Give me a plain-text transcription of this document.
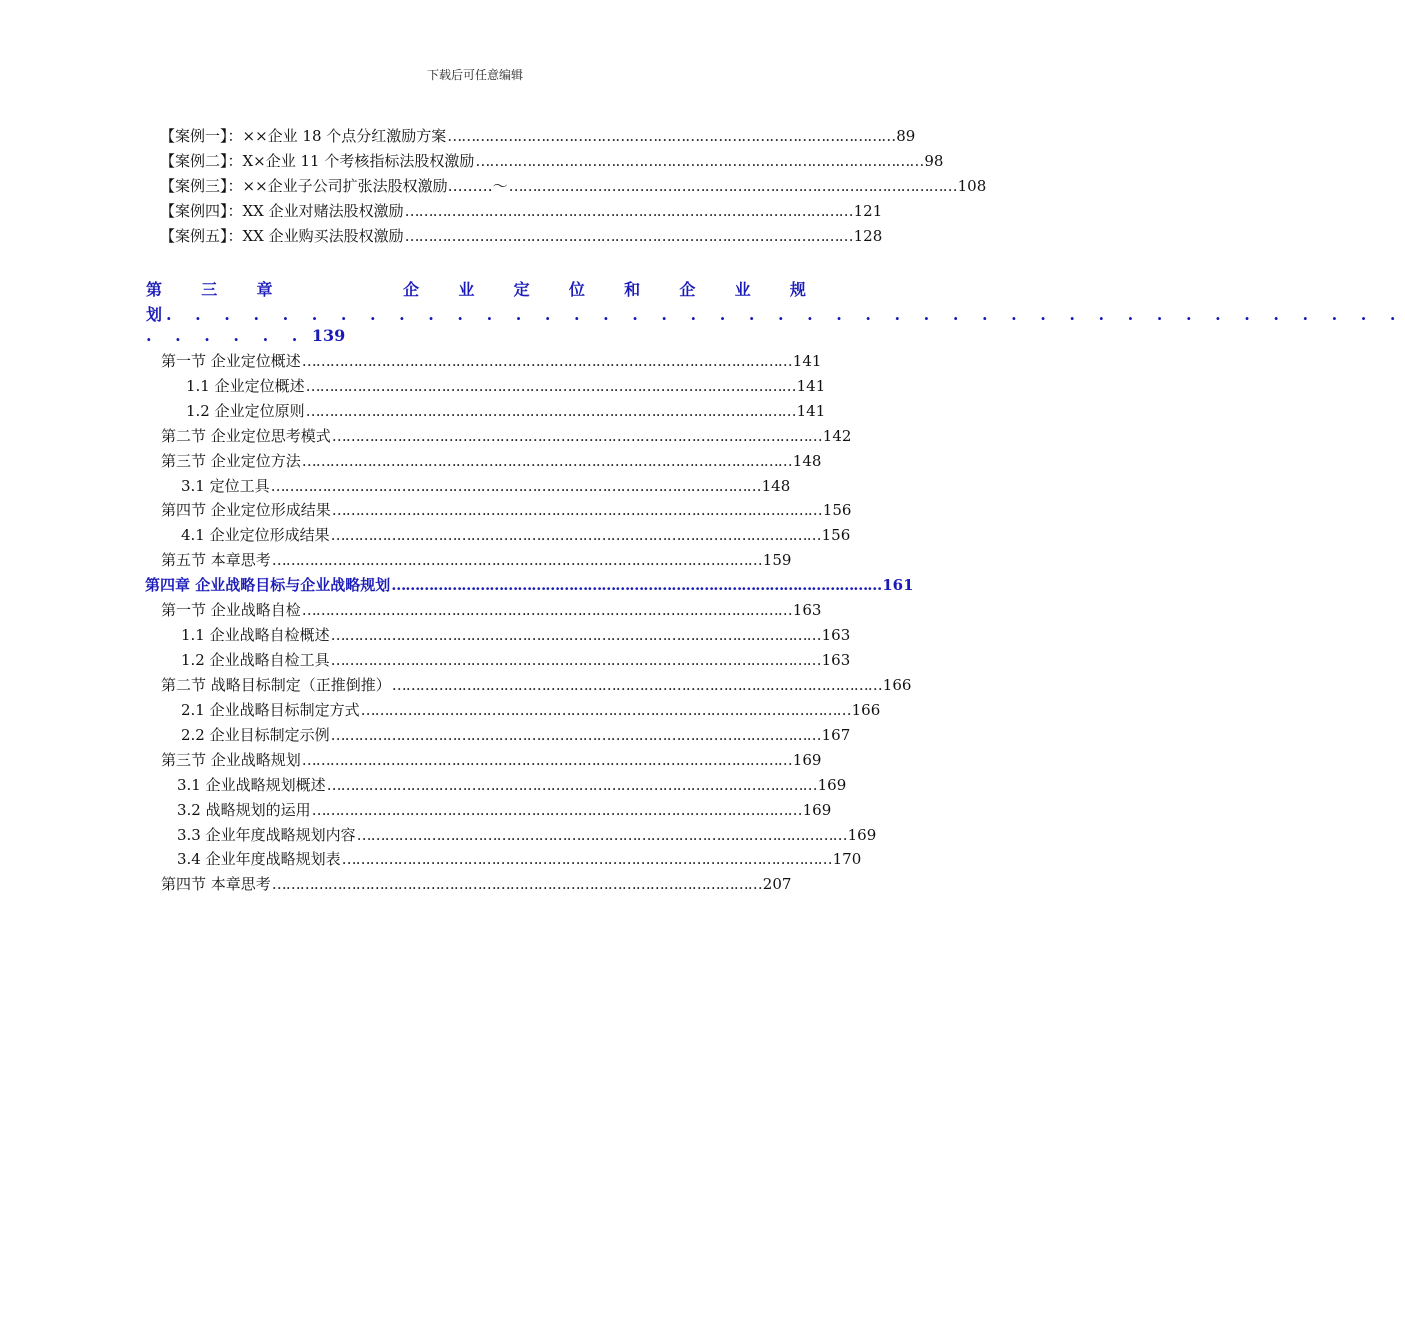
下载后可任意编辑
【案例一】：××企业 18 个点分红激励方案 …………………………………………………………………………………… 89
【案例二】：X×企业 11 个考核指标法股权激励 …………………………………………………………………………………… 98
【案例三】：××企业子公司扩张法股权激励………～ …………………………………………………………………………………… 108
【案例四】：XX 企业对赌法股权激励 …………………………………………………………………………………… 121
【案例五】：XX 企业购买法股权激励 …………………………………………………………………………………… 128
第 三 章	企 业 定 位 和 企 业 规
划 . . . . . . . . . . . . . . . . . . . . . . . . . . . . . . . . . . . . . . . . . . .
. . . . . . 139
第一节 企业定位概述 …………………………………………………………………………………………… 141
1.1 企业定位概述 …………………………………………………………………………………………… 141
1.2 企业定位原则 …………………………………………………………………………………………… 141
第二节 企业定位思考模式 …………………………………………………………………………………………… 142
第三节 企业定位方法 …………………………………………………………………………………………… 148
3.1 定位工具 …………………………………………………………………………………………… 148
第四节 企业定位形成结果 …………………………………………………………………………………………… 156
4.1 企业定位形成结果 …………………………………………………………………………………………… 156
第五节 本章思考 …………………………………………………………………………………………… 159
第四章 企业战略目标与企业战略规划 …………………………………………………………………………………………… 161
第一节 企业战略自检 …………………………………………………………………………………………… 163
1.1 企业战略自检概述 …………………………………………………………………………………………… 163
1.2 企业战略自检工具 …………………………………………………………………………………………… 163
第二节 战略目标制定（正推倒推） …………………………………………………………………………………………… 166
2.1 企业战略目标制定方式 …………………………………………………………………………………………… 166
2.2 企业目标制定示例 …………………………………………………………………………………………… 167
第三节 企业战略规划 …………………………………………………………………………………………… 169
3.1 企业战略规划概述 …………………………………………………………………………………………… 169
3.2 战略规划的运用 …………………………………………………………………………………………… 169
3.3 企业年度战略规划内容 …………………………………………………………………………………………… 169
3.4 企业年度战略规划表 …………………………………………………………………………………………… 170
第四节 本章思考 …………………………………………………………………………………………… 207
